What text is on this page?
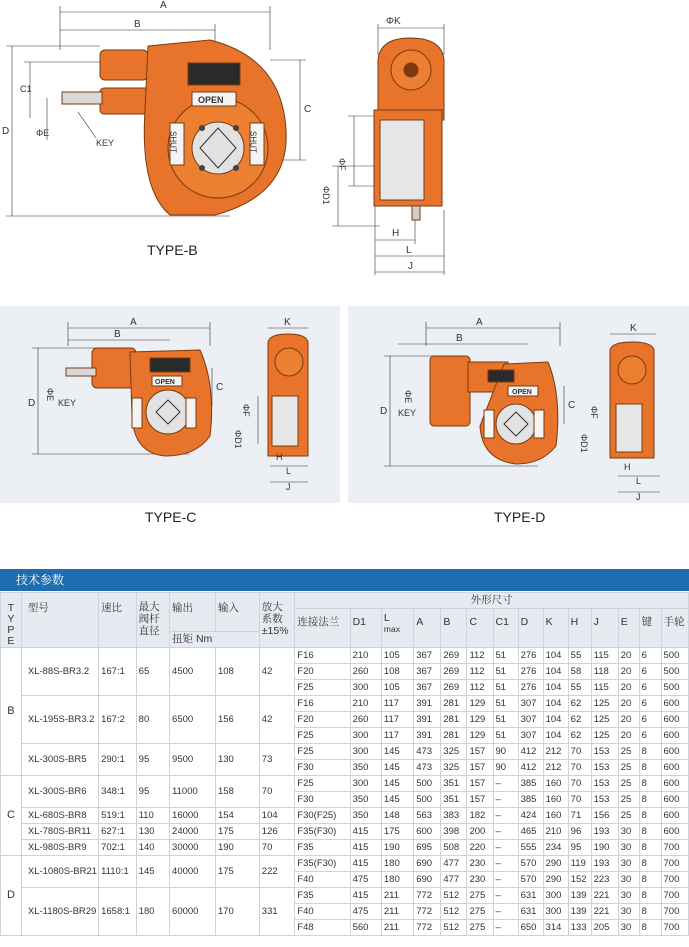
A
B
D
C1
C
ΦE
KEY
OPEN
SHUT	SHUT
TYPE-B
ΦK
ΦF
ΦD1
H
L
J
A
B
D
C
ΦE
KEY
OPEN
K
ΦF
ΦD1
H
L
J
TYPE-C
A
B
D
C
ΦE
KEY
OPEN
K
ΦF
ΦD1
H
L
J
TYPE-D
技术参数
T
Y
P
E	型号	速比	最大
阀杆
直径	输出	输入	放大
系数
±15%	外形尺寸													
							连接法兰	D1	L
max	A	B	C	C1	D	K	H	J	E	键	手轮
				扭矩 Nm																
B	XL-88S-BR3.2	167:1	65	4500	108	42	F16	210	105	367	269	112	51	276	104	55	115	20	6	500
							F20	260	108	367	269	112	51	276	104	58	118	20	6	500
							F25	300	105	367	269	112	51	276	104	55	115	20	6	500
	XL-195S-BR3.2	167:2	80	6500	156	42	F16	210	117	391	281	129	51	307	104	62	125	20	6	600
							F20	260	117	391	281	129	51	307	104	62	125	20	6	600
							F25	300	117	391	281	129	51	307	104	62	125	20	6	600
	XL-300S-BR5	290:1	95	9500	130	73	F25	300	145	473	325	157	90	412	212	70	153	25	8	600
							F30	350	145	473	325	157	90	412	212	70	153	25	8	600
C	XL-300S-BR6	348:1	95	11000	158	70	F25	300	145	500	351	157	–	385	160	70	153	25	8	600
							F30	350	145	500	351	157	–	385	160	70	153	25	8	600
	XL-680S-BR8	519:1	110	16000	154	104	F30(F25)	350	148	563	383	182	–	424	160	71	156	25	8	600
	XL-780S-BR11	627:1	130	24000	175	126	F35(F30)	415	175	600	398	200	–	465	210	96	193	30	8	600
	XL-980S-BR9	702:1	140	30000	190	70	F35	415	190	695	508	220	–	555	234	95	190	30	8	700
D	XL-1080S-BR21	1110:1	145	40000	175	222	F35(F30)	415	180	690	477	230	–	570	290	119	193	30	8	700
							F40	475	180	690	477	230	–	570	290	152	223	30	8	700
	XL-1180S-BR29	1658:1	180	60000	170	331	F35	415	211	772	512	275	–	631	300	139	221	30	8	700
							F40	475	211	772	512	275	–	631	300	139	221	30	8	700
							F48	560	211	772	512	275	–	650	314	133	205	30	8	700
